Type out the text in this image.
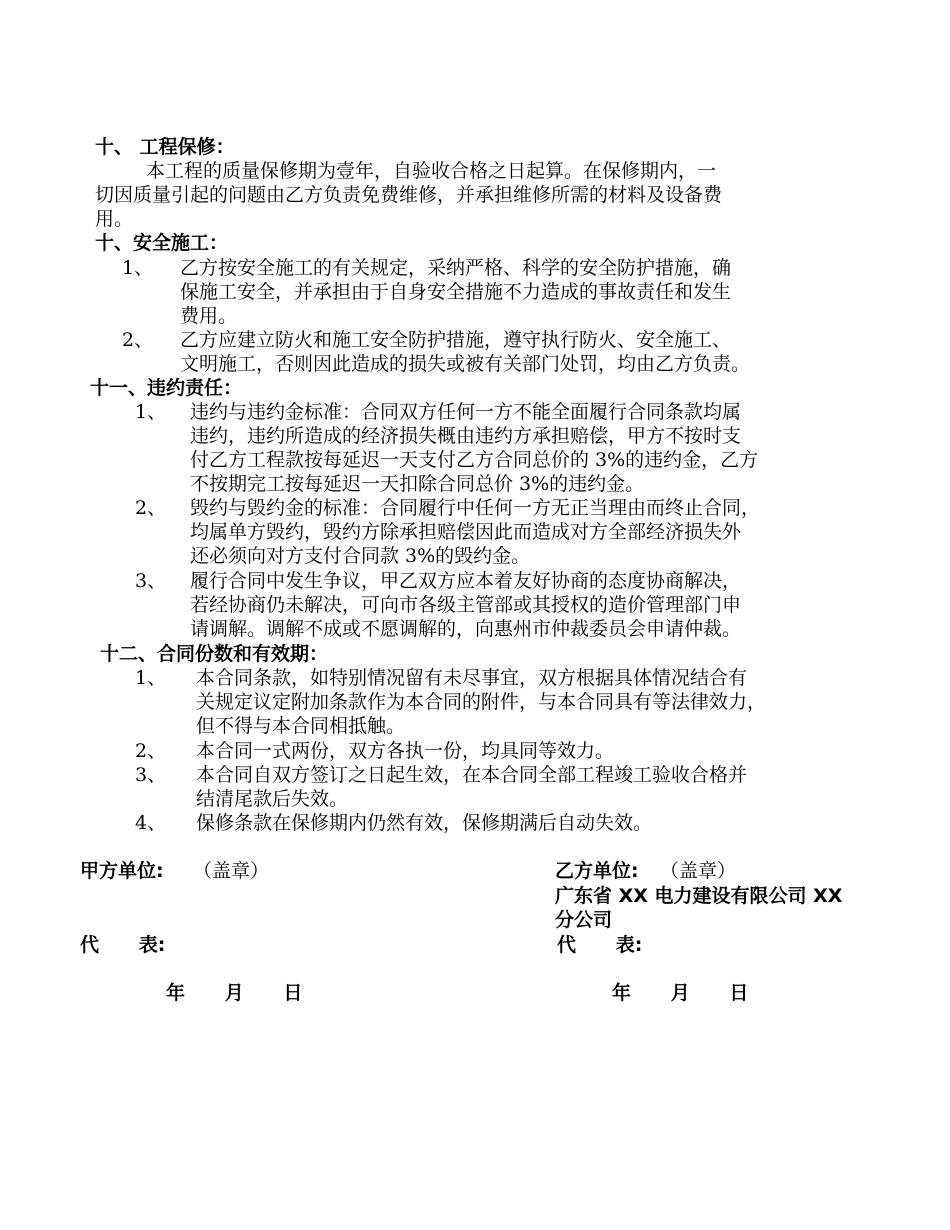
十、 工程保修：
本工程的质量保修期为壹年，自验收合格之日起算。在保修期内，一
切因质量引起的问题由乙方负责免费维修，并承担维修所需的材料及设备费
用。
十、安全施工：
1、 乙方按安全施工的有关规定，采纳严格、科学的安全防护措施，确
保施工安全，并承担由于自身安全措施不力造成的事故责任和发生
费用。
2、 乙方应建立防火和施工安全防护措施，遵守执行防火、安全施工、
文明施工，否则因此造成的损失或被有关部门处罚，均由乙方负责。
十一、违约责任：
1、 违约与违约金标准：合同双方任何一方不能全面履行合同条款均属
违约，违约所造成的经济损失概由违约方承担赔偿，甲方不按时支
付乙方工程款按每延迟一天支付乙方合同总价的 3%的违约金，乙方
不按期完工按每延迟一天扣除合同总价 3%的违约金。
2、 毁约与毁约金的标准：合同履行中任何一方无正当理由而终止合同，
均属单方毁约，毁约方除承担赔偿因此而造成对方全部经济损失外
还必须向对方支付合同款 3%的毁约金。
3、 履行合同中发生争议，甲乙双方应本着友好协商的态度协商解决，
若经协商仍未解决，可向市各级主管部或其授权的造价管理部门申
请调解。调解不成或不愿调解的，向惠州市仲裁委员会申请仲裁。
十二、合同份数和有效期：
1、 本合同条款，如特别情况留有未尽事宜，双方根据具体情况结合有
关规定议定附加条款作为本合同的附件，与本合同具有等法律效力，
但不得与本合同相抵触。
2、 本合同一式两份，双方各执一份，均具同等效力。
3、 本合同自双方签订之日起生效，在本合同全部工程竣工验收合格并
结清尾款后失效。
4、 保修条款在保修期内仍然有效，保修期满后自动失效。
甲方单位: （盖章）	乙方单位: （盖章）
广东省 XX 电力建设有限公司 XX
分公司
代      表:	代      表:
年      月      日	年      月      日
